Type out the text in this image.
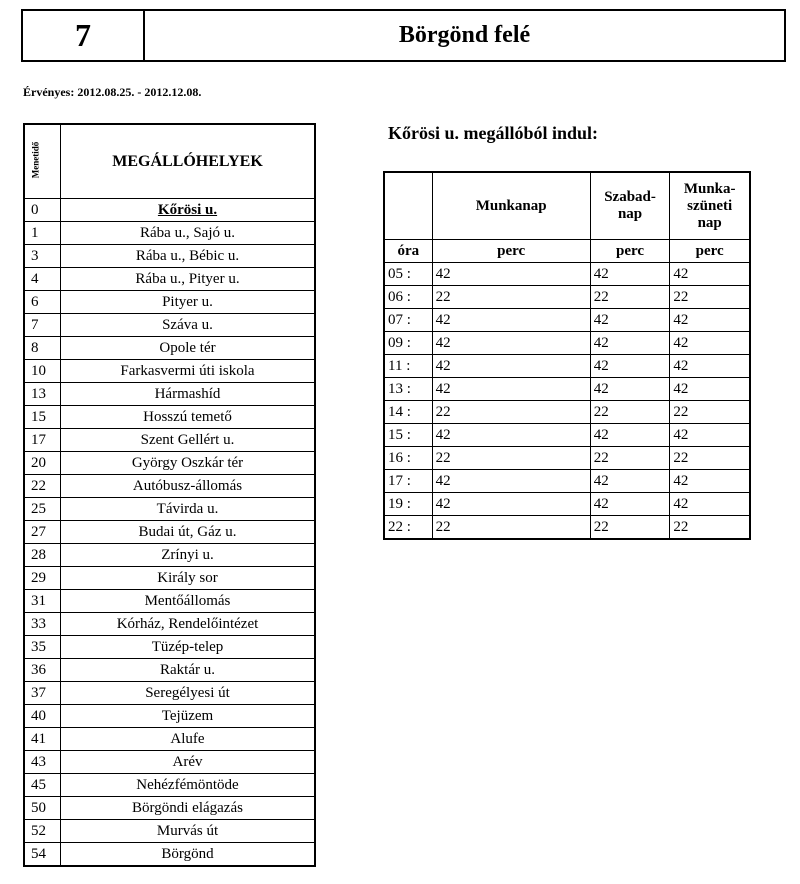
7	Börgönd felé
Érvényes: 2012.08.25. - 2012.12.08.
Menetidő	MEGÁLLÓHELYEK
0	Kőrösi u.
1	Rába u., Sajó u.
3	Rába u., Bébic u.
4	Rába u., Pityer u.
6	Pityer u.
7	Száva u.
8	Opole tér
10	Farkasvermi úti iskola
13	Hármashíd
15	Hosszú temető
17	Szent Gellért u.
20	György Oszkár tér
22	Autóbusz-állomás
25	Távirda u.
27	Budai út, Gáz u.
28	Zrínyi u.
29	Király sor
31	Mentőállomás
33	Kórház, Rendelőintézet
35	Tüzép-telep
36	Raktár u.
37	Seregélyesi út
40	Tejüzem
41	Alufe
43	Arév
45	Nehézfémöntöde
50	Börgöndi elágazás
52	Murvás út
54	Börgönd
Kőrösi u. megállóból indul:
	Munkanap	Szabad-nap	Munka-szüneti nap
óra	perc	perc	perc
05 :	42	42	42
06 :	22	22	22
07 :	42	42	42
09 :	42	42	42
11 :	42	42	42
13 :	42	42	42
14 :	22	22	22
15 :	42	42	42
16 :	22	22	22
17 :	42	42	42
19 :	42	42	42
22 :	22	22	22
